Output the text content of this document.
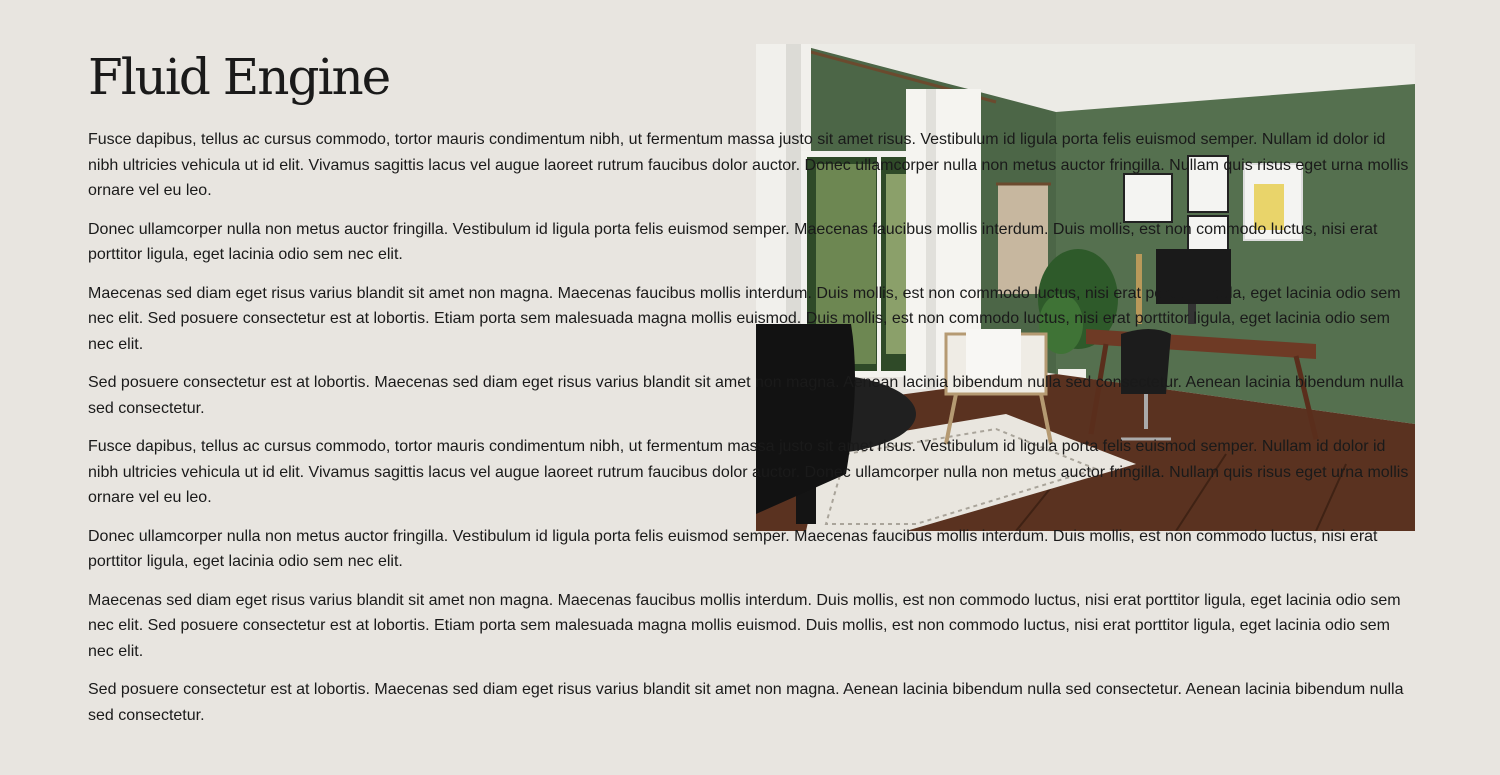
Fluid Engine

Fusce dapibus, tellus ac cursus commodo, tortor mauris condimentum nibh, ut fermentum massa justo sit amet risus. Vestibulum id ligula porta felis euismod semper. Nullam id dolor id nibh ultricies vehicula ut id elit. Vivamus sagittis lacus vel augue laoreet rutrum faucibus dolor auctor. Donec ullamcorper nulla non metus auctor fringilla. Nullam quis risus eget urna mollis ornare vel eu leo.

Donec ullamcorper nulla non metus auctor fringilla. Vestibulum id ligula porta felis euismod semper. Maecenas faucibus mollis interdum. Duis mollis, est non commodo luctus, nisi erat porttitor ligula, eget lacinia odio sem nec elit.

Maecenas sed diam eget risus varius blandit sit amet non magna. Maecenas faucibus mollis interdum. Duis mollis, est non commodo luctus, nisi erat porttitor ligula, eget lacinia odio sem nec elit. Sed posuere consectetur est at lobortis. Etiam porta sem malesuada magna mollis euismod. Duis mollis, est non commodo luctus, nisi erat porttitor ligula, eget lacinia odio sem nec elit.

Sed posuere consectetur est at lobortis. Maecenas sed diam eget risus varius blandit sit amet non magna. Aenean lacinia bibendum nulla sed consectetur. Aenean lacinia bibendum nulla sed consectetur.

Fusce dapibus, tellus ac cursus commodo, tortor mauris condimentum nibh, ut fermentum massa justo sit amet risus. Vestibulum id ligula porta felis euismod semper. Nullam id dolor id nibh ultricies vehicula ut id elit. Vivamus sagittis lacus vel augue laoreet rutrum faucibus dolor auctor. Donec ullamcorper nulla non metus auctor fringilla. Nullam quis risus eget urna mollis ornare vel eu leo.

Donec ullamcorper nulla non metus auctor fringilla. Vestibulum id ligula porta felis euismod semper. Maecenas faucibus mollis interdum. Duis mollis, est non commodo luctus, nisi erat porttitor ligula, eget lacinia odio sem nec elit.

Maecenas sed diam eget risus varius blandit sit amet non magna. Maecenas faucibus mollis interdum. Duis mollis, est non commodo luctus, nisi erat porttitor ligula, eget lacinia odio sem nec elit. Sed posuere consectetur est at lobortis. Etiam porta sem malesuada magna mollis euismod. Duis mollis, est non commodo luctus, nisi erat porttitor ligula, eget lacinia odio sem nec elit.

Sed posuere consectetur est at lobortis. Maecenas sed diam eget risus varius blandit sit amet non magna. Aenean lacinia bibendum nulla sed consectetur. Aenean lacinia bibendum nulla sed consectetur.
